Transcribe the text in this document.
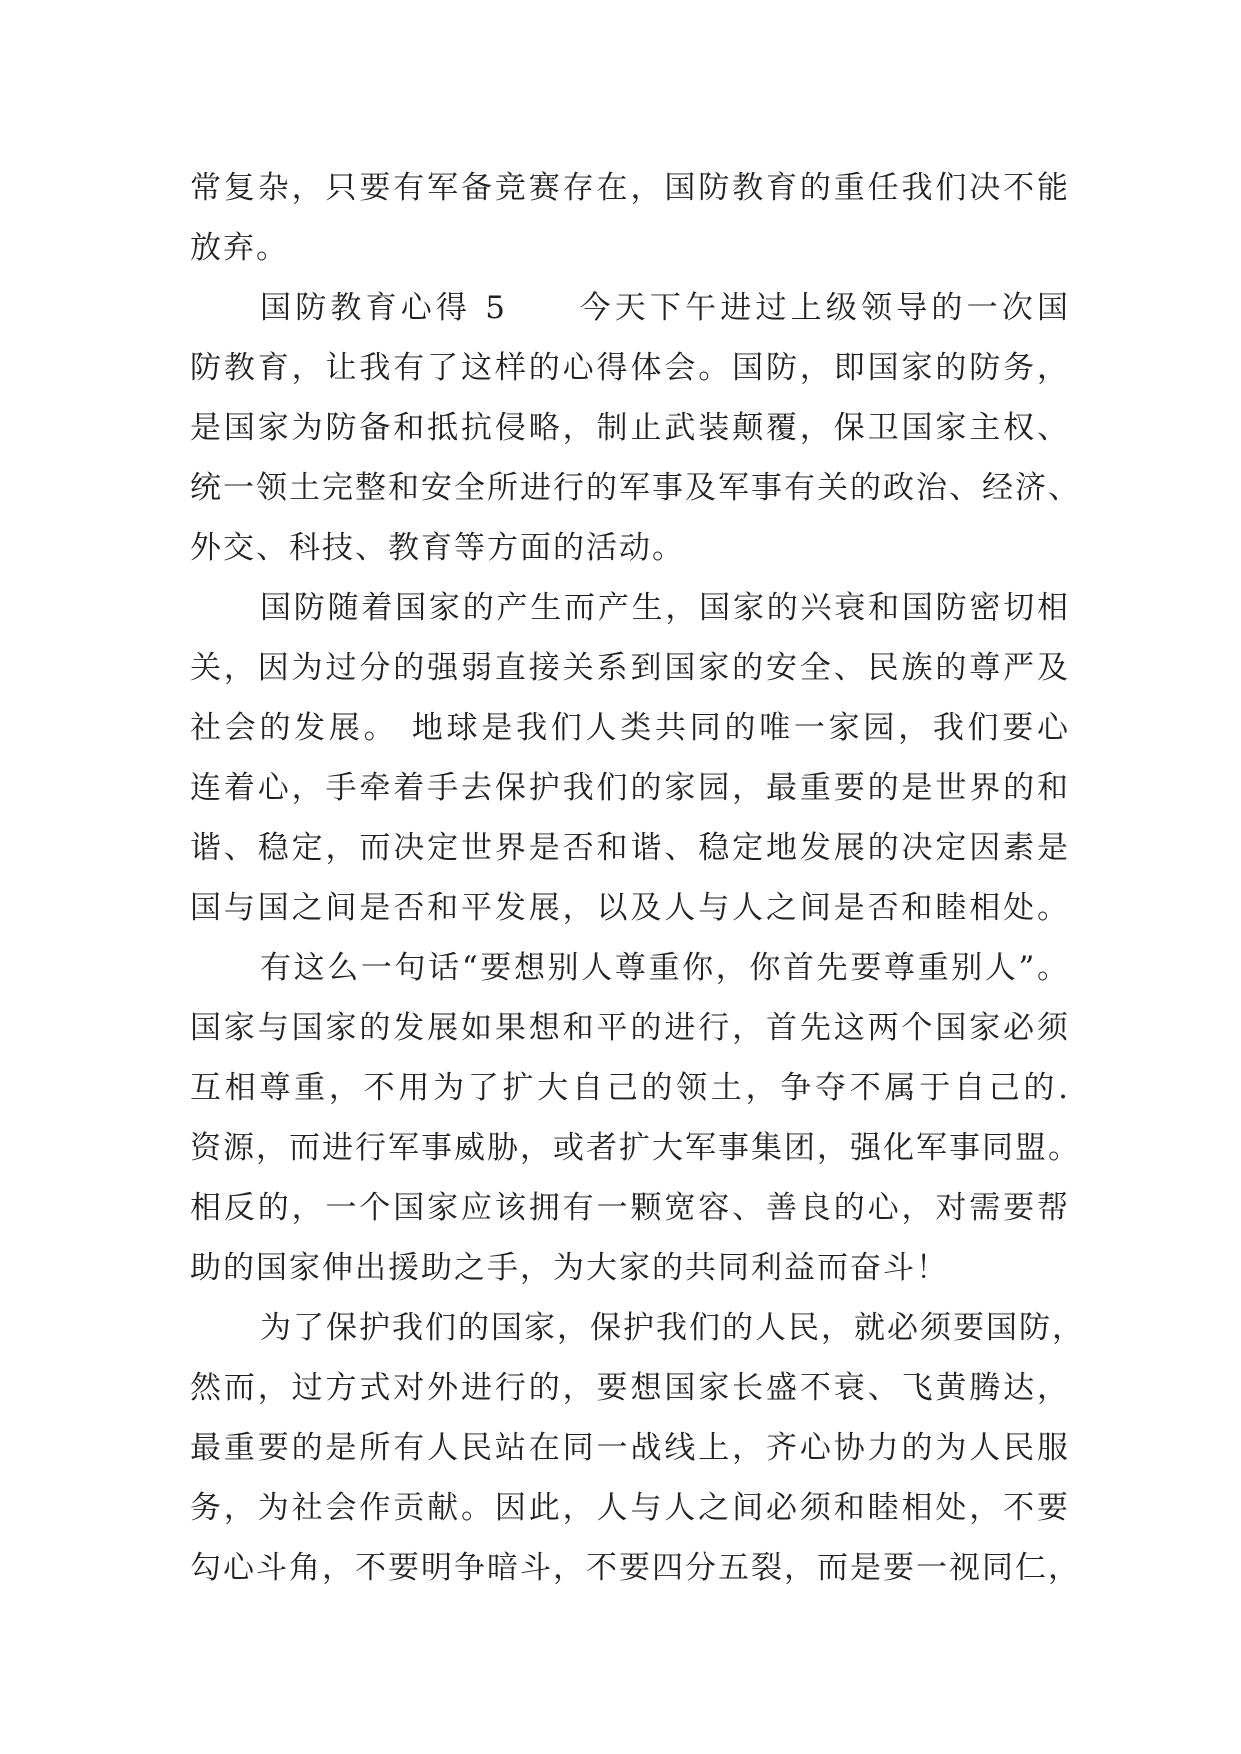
常复杂，只要有军备竞赛存在，国防教育的重任我们决不能
放弃。
国防教育心得 5　　今天下午进过上级领导的一次国
防教育，让我有了这样的心得体会。国防，即国家的防务，
是国家为防备和抵抗侵略，制止武装颠覆，保卫国家主权、
统一领土完整和安全所进行的军事及军事有关的政治、经济、
外交、科技、教育等方面的活动。
国防随着国家的产生而产生，国家的兴衰和国防密切相
关，因为过分的强弱直接关系到国家的安全、民族的尊严及
社会的发展。 地球是我们人类共同的唯一家园，我们要心
连着心，手牵着手去保护我们的家园，最重要的是世界的和
谐、稳定，而决定世界是否和谐、稳定地发展的决定因素是
国与国之间是否和平发展，以及人与人之间是否和睦相处。
有这么一句话“要想别人尊重你，你首先要尊重别人”。
国家与国家的发展如果想和平的进行，首先这两个国家必须
互相尊重，不用为了扩大自己的领土，争夺不属于自己的.
资源，而进行军事威胁，或者扩大军事集团，强化军事同盟。
相反的，一个国家应该拥有一颗宽容、善良的心，对需要帮
助的国家伸出援助之手，为大家的共同利益而奋斗！
为了保护我们的国家，保护我们的人民，就必须要国防，
然而，过方式对外进行的，要想国家长盛不衰、飞黄腾达，
最重要的是所有人民站在同一战线上，齐心协力的为人民服
务，为社会作贡献。因此，人与人之间必须和睦相处，不要
勾心斗角，不要明争暗斗，不要四分五裂，而是要一视同仁，
